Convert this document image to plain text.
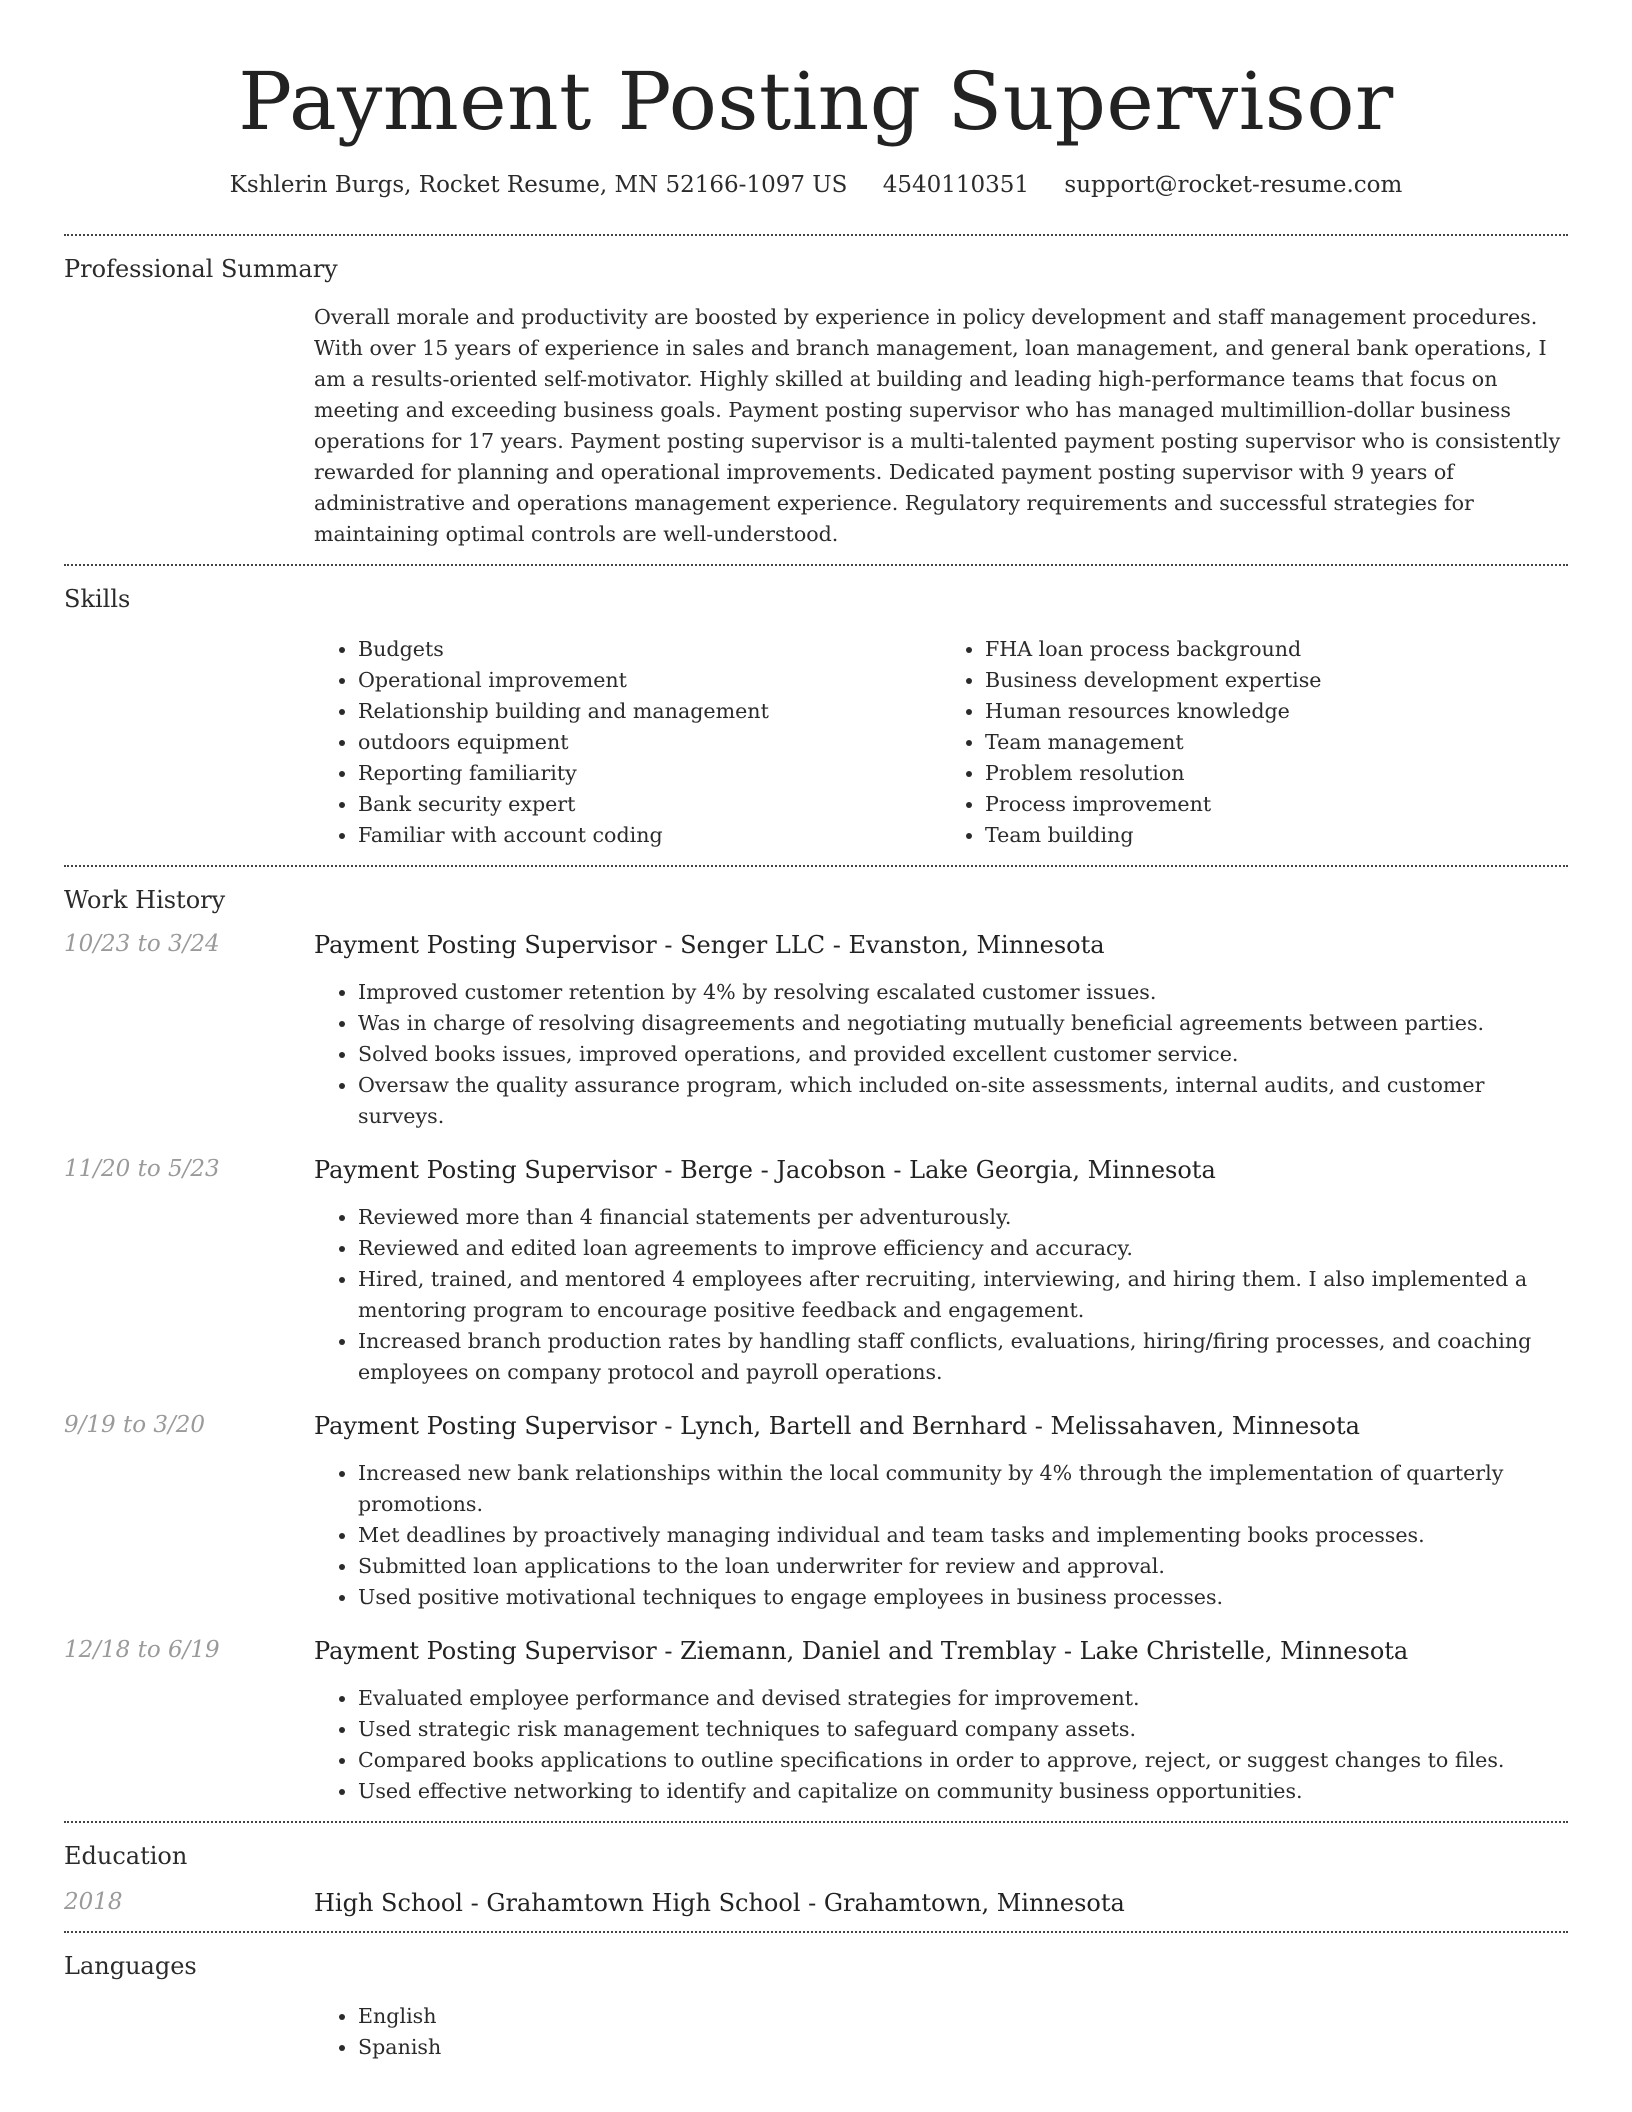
Payment Posting Supervisor
Kshlerin Burgs, Rocket Resume, MN 52166-1097 US 4540110351 support@rocket-resume.com
Professional Summary
Overall morale and productivity are boosted by experience in policy development and staff management procedures. With over 15 years of experience in sales and branch management, loan management, and general bank operations, I am a results-oriented self-motivator. Highly skilled at building and leading high-performance teams that focus on meeting and exceeding business goals. Payment posting supervisor who has managed multimillion-dollar business operations for 17 years. Payment posting supervisor is a multi-talented payment posting supervisor who is consistently rewarded for planning and operational improvements. Dedicated payment posting supervisor with 9 years of administrative and operations management experience. Regulatory requirements and successful strategies for maintaining optimal controls are well-understood.
Skills
• Budgets
• Operational improvement
• Relationship building and management
• outdoors equipment
• Reporting familiarity
• Bank security expert
• Familiar with account coding
• FHA loan process background
• Business development expertise
• Human resources knowledge
• Team management
• Problem resolution
• Process improvement
• Team building
Work History
10/23 to 3/24	Payment Posting Supervisor - Senger LLC - Evanston, Minnesota
• Improved customer retention by 4% by resolving escalated customer issues.
• Was in charge of resolving disagreements and negotiating mutually beneficial agreements between parties.
• Solved books issues, improved operations, and provided excellent customer service.
• Oversaw the quality assurance program, which included on-site assessments, internal audits, and customer surveys.
11/20 to 5/23	Payment Posting Supervisor - Berge - Jacobson - Lake Georgia, Minnesota
• Reviewed more than 4 financial statements per adventurously.
• Reviewed and edited loan agreements to improve efficiency and accuracy.
• Hired, trained, and mentored 4 employees after recruiting, interviewing, and hiring them. I also implemented a mentoring program to encourage positive feedback and engagement.
• Increased branch production rates by handling staff conflicts, evaluations, hiring/firing processes, and coaching employees on company protocol and payroll operations.
9/19 to 3/20	Payment Posting Supervisor - Lynch, Bartell and Bernhard - Melissahaven, Minnesota
• Increased new bank relationships within the local community by 4% through the implementation of quarterly promotions.
• Met deadlines by proactively managing individual and team tasks and implementing books processes.
• Submitted loan applications to the loan underwriter for review and approval.
• Used positive motivational techniques to engage employees in business processes.
12/18 to 6/19	Payment Posting Supervisor - Ziemann, Daniel and Tremblay - Lake Christelle, Minnesota
• Evaluated employee performance and devised strategies for improvement.
• Used strategic risk management techniques to safeguard company assets.
• Compared books applications to outline specifications in order to approve, reject, or suggest changes to files.
• Used effective networking to identify and capitalize on community business opportunities.
Education
2018	High School - Grahamtown High School - Grahamtown, Minnesota
Languages
• English
• Spanish
